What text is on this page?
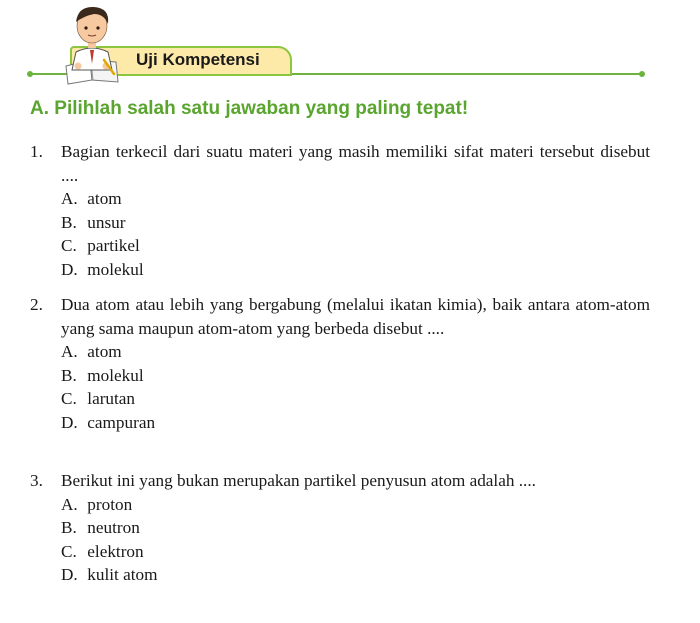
Uji Kompetensi
A. Pilihlah salah satu jawaban yang paling tepat!
1.	Bagian terkecil dari suatu materi yang masih memiliki sifat materi tersebut disebut ....
A. atom
B. unsur
C. partikel
D. molekul
2.	Dua atom atau lebih yang bergabung (melalui ikatan kimia), baik antara atom-atom yang sama maupun atom-atom yang berbeda disebut ....
A. atom
B. molekul
C. larutan
D. campuran
3.	Berikut ini yang bukan merupakan partikel penyusun atom adalah ....
A. proton
B. neutron
C. elektron
D. kulit atom
